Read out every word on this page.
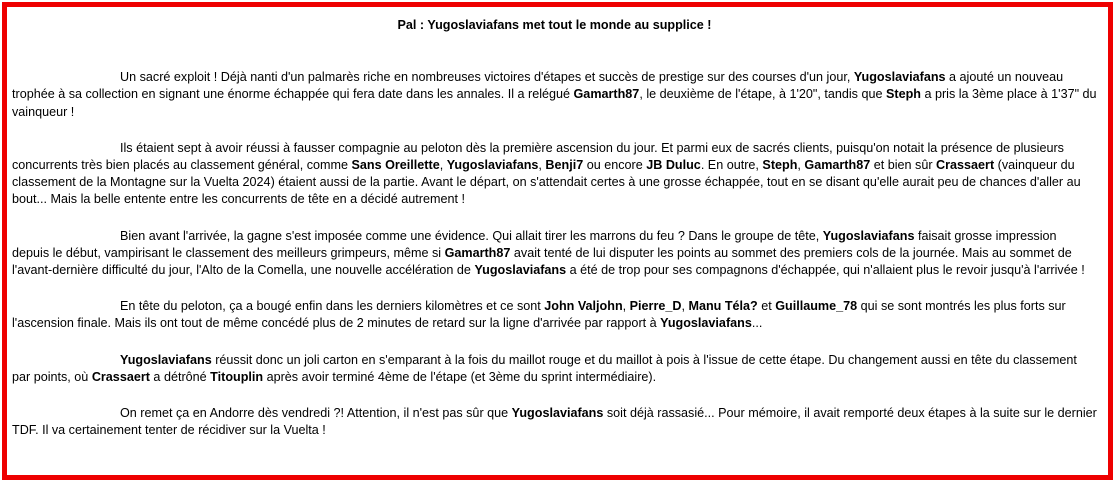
Pal : Yugoslaviafans met tout le monde au supplice !

Un sacré exploit ! Déjà nanti d'un palmarès riche en nombreuses victoires d'étapes et succès de prestige sur des courses d'un jour, Yugoslaviafans a ajouté un nouveau trophée à sa collection en signant une énorme échappée qui fera date dans les annales. Il a relégué Gamarth87, le deuxième de l'étape, à 1'20", tandis que Steph a pris la 3ème place à 1'37" du vainqueur !

Ils étaient sept à avoir réussi à fausser compagnie au peloton dès la première ascension du jour. Et parmi eux de sacrés clients, puisqu'on notait la présence de plusieurs concurrents très bien placés au classement général, comme Sans Oreillette, Yugoslaviafans, Benji7 ou encore JB Duluc. En outre, Steph, Gamarth87 et bien sûr Crassaert (vainqueur du classement de la Montagne sur la Vuelta 2024) étaient aussi de la partie. Avant le départ, on s'attendait certes à une grosse échappée, tout en se disant qu'elle aurait peu de chances d'aller au bout... Mais la belle entente entre les concurrents de tête en a décidé autrement !

Bien avant l'arrivée, la gagne s'est imposée comme une évidence. Qui allait tirer les marrons du feu ? Dans le groupe de tête, Yugoslaviafans faisait grosse impression depuis le début, vampirisant le classement des meilleurs grimpeurs, même si Gamarth87 avait tenté de lui disputer les points au sommet des premiers cols de la journée. Mais au sommet de l'avant-dernière difficulté du jour, l'Alto de la Comella, une nouvelle accélération de Yugoslaviafans a été de trop pour ses compagnons d'échappée, qui n'allaient plus le revoir jusqu'à l'arrivée !

En tête du peloton, ça a bougé enfin dans les derniers kilomètres et ce sont John Valjohn, Pierre_D, Manu Téla? et Guillaume_78 qui se sont montrés les plus forts sur l'ascension finale. Mais ils ont tout de même concédé plus de 2 minutes de retard sur la ligne d'arrivée par rapport à Yugoslaviafans...

Yugoslaviafans réussit donc un joli carton en s'emparant à la fois du maillot rouge et du maillot à pois à l'issue de cette étape. Du changement aussi en tête du classement par points, où Crassaert a détrôné Titouplin après avoir terminé 4ème de l'étape (et 3ème du sprint intermédiaire).

On remet ça en Andorre dès vendredi ?! Attention, il n'est pas sûr que Yugoslaviafans soit déjà rassasié... Pour mémoire, il avait remporté deux étapes à la suite sur le dernier TDF. Il va certainement tenter de récidiver sur la Vuelta !
